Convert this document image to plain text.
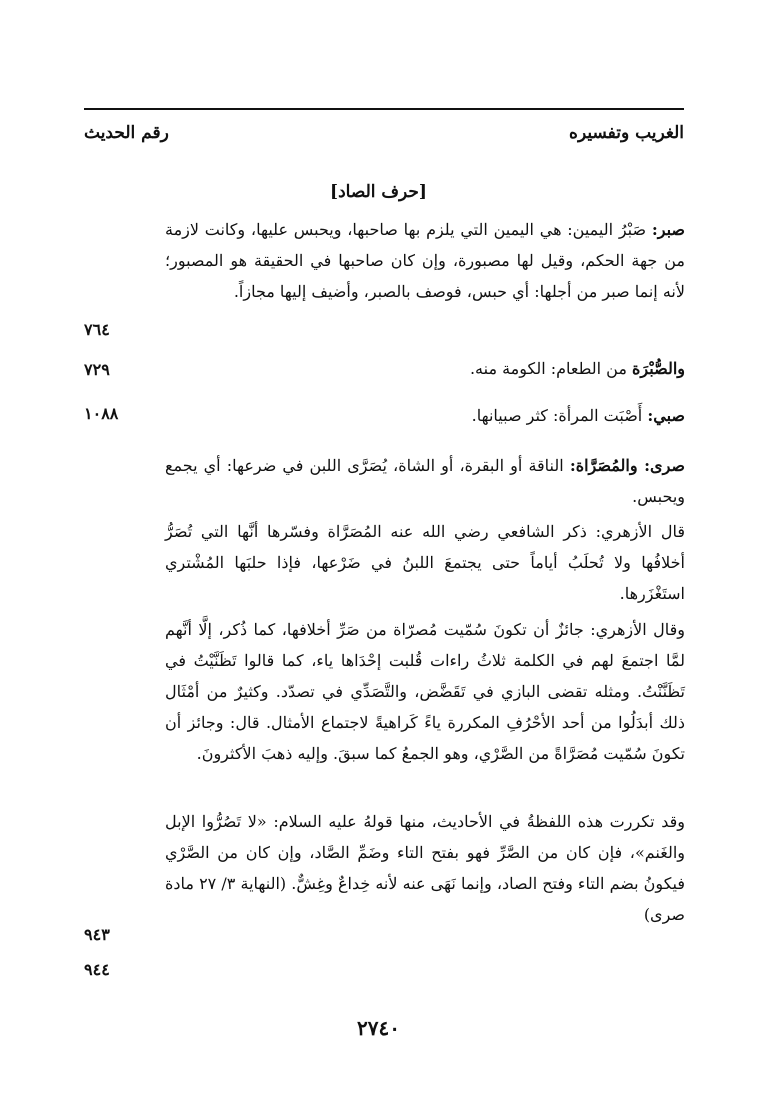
الغريب وتفسيره
رقم الحديث
[حرف الصاد]
صبر: صَبْرُ اليمين: هي اليمين التي يلزم بها صاحبها، ويحبس عليها، وكانت لازمة من جهة الحكم، وقيل لها مصبورة، وإن كان صاحبها في الحقيقة هو المصبور؛ لأنه إنما صبر من أجلها: أي حبس، فوصف بالصبر، وأضيف إليها مجازاً.
٧٦٤
والصُّبْرَة من الطعام: الكومة منه.
٧٢٩
صبي: أَصْبَت المرأة: كثر صبيانها.
١٠٨٨
صرى: والمُصَرَّاة: الناقة أو البقرة، أو الشاة، يُصَرَّى اللبن في ضرعها: أي يجمع ويحبس.
قال الأزهري: ذكر الشافعي رضي الله عنه المُصَرَّاة وفسّرها أنَّها التي تُصَرُّ أخلافُها ولا تُحلَبُ أياماً حتى يجتمعَ اللبنُ في ضَرْعها، فإذا حلبَها المُشْتري استَغْزَرها.
وقال الأزهري: جائزٌ أن تكونَ سُمّيت مُصرّاة من صَرِّ أخلافها، كما ذُكر، إلَّا أنَّهم لمَّا اجتمعَ لهم في الكلمة ثلاثُ راءات قُلبت إحْدَاها ياء، كما قالوا تَظَنَّيْتُ في تَظَنَّنْتُ. ومثله تقضى البازي في تَقَضَّض، والتَّصَدِّي في تصدّد. وكثيرٌ من أمْثَال ذلك أبدَلُوا من أحد الأحْرُفِ المكررة ياءً كَراهيةً لاجتماع الأمثال. قال: وجائز أن تكونَ سُمّيت مُصَرَّاةً من الصَّرْي، وهو الجمعُ كما سبقَ. وإليه ذهبَ الأكثرونَ.
وقد تكررت هذه اللفظةُ في الأحاديث، منها قولهُ عليه السلام: «لا تَصُرُّوا الإبل والغَنم»، فإن كان من الصَّرِّ فهو بفتح التاء وضَمِّ الصَّاد، وإن كان من الصَّرْي فيكونُ بضم التاء وفتح الصاد، وإنما نَهَى عنه لأنه خِداعٌ وغِشٌّ. (النهاية ٣/ ٢٧ مادة صرى)
٩٤٣
٩٤٤
٢٧٤٠
